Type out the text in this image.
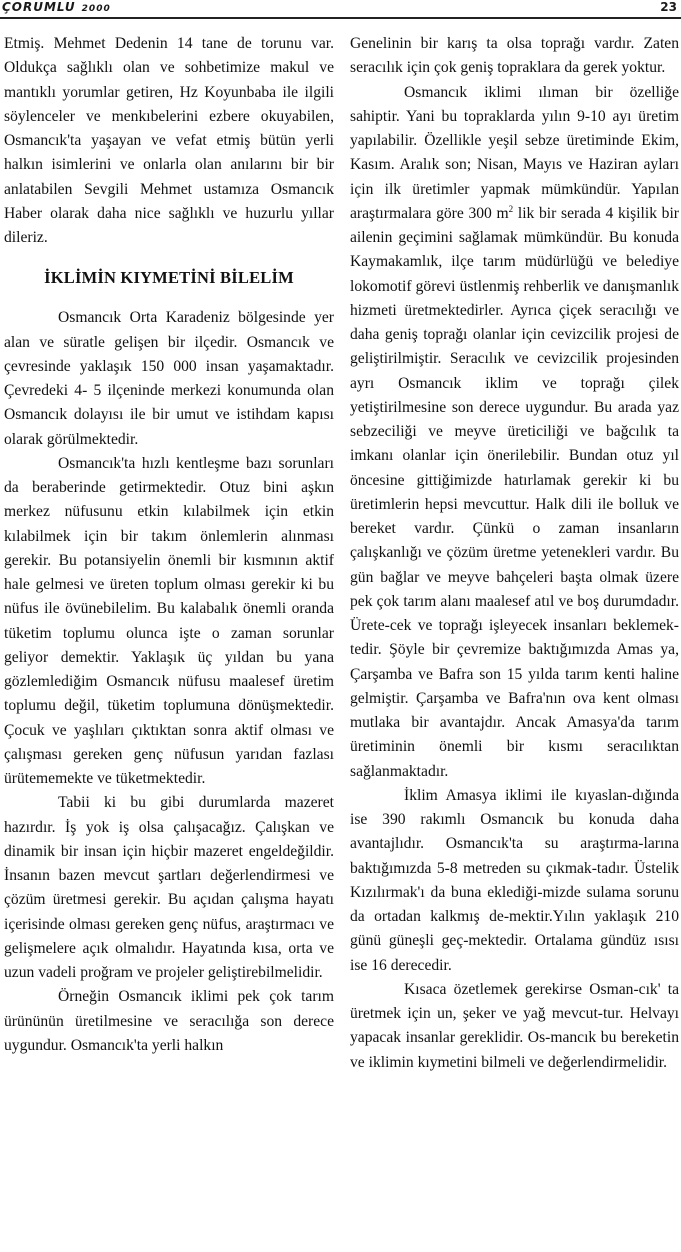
ÇORUMLU 2000	23

Etmiş. Mehmet Dedenin 14 tane de torunu var. Oldukça sağlıklı olan ve sohbetimize makul ve mantıklı yorumlar getiren, Hz Koyunbaba ile ilgili söylenceler ve menkıbelerini ezbere okuyabilen, Osmancık'ta yaşayan ve vefat etmiş bütün yerli halkın isimlerini ve onlarla olan anılarını bir bir anlatabilen Sevgili Mehmet ustamıza Osmancık Haber olarak daha nice sağlıklı ve huzurlu yıllar dileriz.

İKLİMİN KIYMETİNİ BİLELİM

Osmancık Orta Karadeniz bölgesinde yer alan ve süratle gelişen bir ilçedir. Osmancık ve çevresinde yaklaşık 150 000 insan yaşamaktadır. Çevredeki 4- 5 ilçeninde merkezi konumunda olan Osmancık dolayısı ile bir umut ve istihdam kapısı olarak görülmektedir.

Osmancık'ta hızlı kentleşme bazı sorunları da beraberinde getirmektedir. Otuz bini aşkın merkez nüfusunu etkin kılabilmek için etkin kılabilmek için bir takım önlemlerin alınması gerekir. Bu potansiyelin önemli bir kısmının aktif hale gelmesi ve üreten toplum olması gerekir ki bu nüfus ile övünebilelim. Bu kalabalık önemli oranda tüketim toplumu olunca işte o zaman sorunlar geliyor demektir. Yaklaşık üç yıldan bu yana gözlemlediğim Osmancık nüfusu maalesef üretim toplumu değil, tüketim toplumuna dönüşmektedir. Çocuk ve yaşlıları çıktıktan sonra aktif olması ve çalışması gereken genç nüfusun yarıdan fazlası ürütememekte ve tüketmektedir.

Tabii ki bu gibi durumlarda mazeret hazırdır. İş yok iş olsa çalışacağız. Çalışkan ve dinamik bir insan için hiçbir mazeret engeldeğildir. İnsanın bazen mevcut şartları değerlendirmesi ve çözüm üretmesi gerekir. Bu açıdan çalışma hayatı içerisinde olması gereken genç nüfus, araştırmacı ve gelişmelere açık olmalıdır. Hayatında kısa, orta ve uzun vadeli proğram ve projeler geliştirebilmelidir.

Örneğin Osmancık iklimi pek çok tarım ürününün üretilmesine ve seracılığa son derece uygundur. Osmancık'ta yerli halkın

Genelinin bir karış ta olsa toprağı vardır. Zaten seracılık için çok geniş topraklara da gerek yoktur.

Osmancık iklimi ılıman bir özelliğe sahiptir. Yani bu topraklarda yılın 9-10 ayı üretim yapılabilir. Özellikle yeşil sebze üretiminde Ekim, Kasım. Aralık son; Nisan, Mayıs ve Haziran ayları için ilk üretimler yapmak mümkündür. Yapılan araştırmalara göre 300 $m^2$ lik bir serada 4 kişilik bir ailenin geçimini sağlamak mümkündür. Bu konuda Kaymakamlık, ilçe tarım müdürlüğü ve belediye lokomotif görevi üstlenmiş rehberlik ve danışmanlık hizmeti üretmektedirler. Ayrıca çiçek seracılığı ve daha geniş toprağı olanlar için cevizcilik projesi de geliştirilmiştir. Seracılık ve cevizcilik projesinden ayrı Osmancık iklim ve toprağı çilek yetiştirilmesine son derece uygundur. Bu arada yaz sebzeciliği ve meyve üreticiliği ve bağcılık ta imkanı olanlar için önerilebilir. Bundan otuz yıl öncesine gittiğimizde hatırlamak gerekir ki bu üretimlerin hepsi mevcuttur. Halk dili ile bolluk ve bereket vardır. Çünkü o zaman insanların çalışkanlığı ve çözüm üretme yetenekleri vardır. Bu gün bağlar ve meyve bahçeleri başta olmak üzere pek çok tarım alanı maalesef atıl ve boş durumdadır. Ürete-cek ve toprağı işleyecek insanları beklemek-tedir. Şöyle bir çevremize baktığımızda Amas ya, Çarşamba ve Bafra son 15 yılda tarım kenti haline gelmiştir. Çarşamba ve Bafra'nın ova kent olması mutlaka bir avantajdır. Ancak Amasya'da tarım üretiminin önemli bir kısmı seracılıktan sağlanmaktadır.

İklim Amasya iklimi ile kıyaslan-dığında ise 390 rakımlı Osmancık bu konuda daha avantajlıdır. Osmancık'ta su araştırma-larına baktığımızda 5-8 metreden su çıkmak-tadır. Üstelik Kızılırmak'ı da buna eklediği-mizde sulama sorunu da ortadan kalkmış de-mektir.Yılın yaklaşık 210 günü güneşli geç-mektedir. Ortalama gündüz ısısı ise 16 derecedir.

Kısaca özetlemek gerekirse Osman-cık' ta üretmek için un, şeker ve yağ mevcut-tur. Helvayı yapacak insanlar gereklidir. Os-mancık bu bereketin ve iklimin kıymetini bilmeli ve değerlendirmelidir.
